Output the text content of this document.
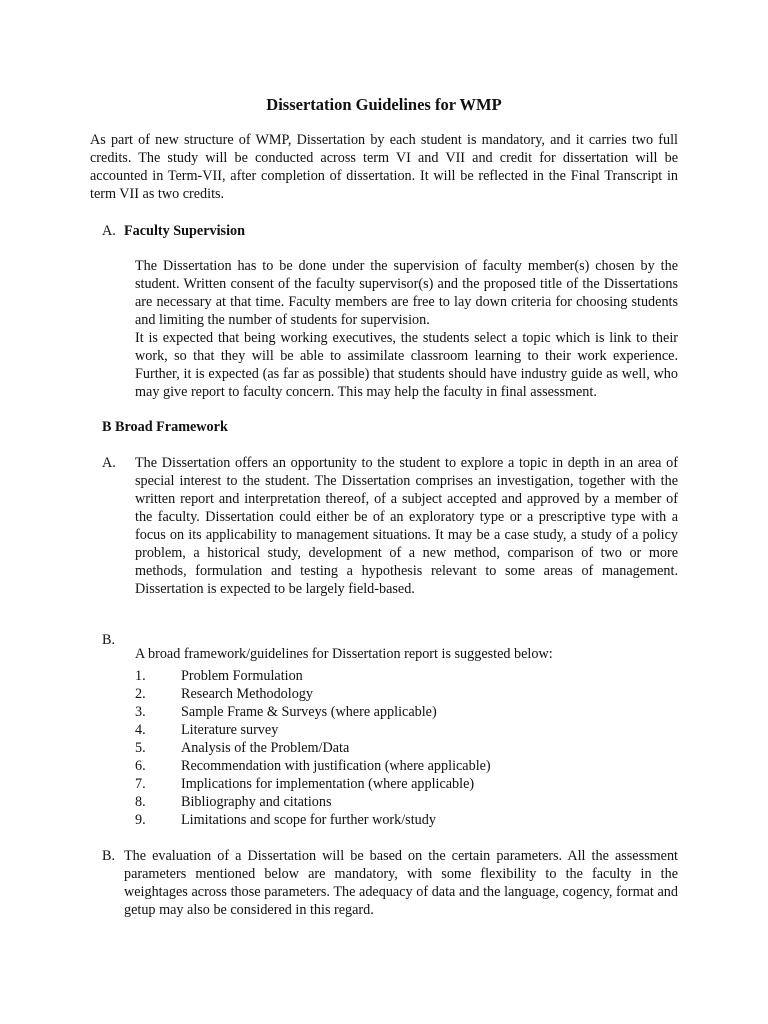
Dissertation Guidelines for WMP

As part of new structure of WMP, Dissertation by each student is mandatory, and it carries two full credits. The study will be conducted across term VI and VII and credit for dissertation will be accounted in Term-VII, after completion of dissertation. It will be reflected in the Final Transcript in term VII as two credits.

A. Faculty Supervision

The Dissertation has to be done under the supervision of faculty member(s) chosen by the student. Written consent of the faculty supervisor(s) and the proposed title of the Dissertations are necessary at that time. Faculty members are free to lay down criteria for choosing students and limiting the number of students for supervision.

It is expected that being working executives, the students select a topic which is link to their work, so that they will be able to assimilate classroom learning to their work experience. Further, it is expected (as far as possible) that students should have industry guide as well, who may give report to faculty concern. This may help the faculty in final assessment.

B Broad Framework
A. The Dissertation offers an opportunity to the student to explore a topic in depth in an area of special interest to the student. The Dissertation comprises an investigation, together with the written report and interpretation thereof, of a subject accepted and approved by a member of the faculty. Dissertation could either be of an exploratory type or a prescriptive type with a focus on its applicability to management situations. It may be a case study, a study of a policy problem, a historical study, development of a new method, comparison of two or more methods, formulation and testing a hypothesis relevant to some areas of management. Dissertation is expected to be largely field-based.

B.

A broad framework/guidelines for Dissertation report is suggested below:

1.	Problem Formulation
2.	Research Methodology
3.	Sample Frame & Surveys (where applicable)
4.	Literature survey
5.	Analysis of the Problem/Data
6.	Recommendation with justification (where applicable)
7.	Implications for implementation (where applicable)
8.	Bibliography and citations
9.	Limitations and scope for further work/study
B. The evaluation of a Dissertation will be based on the certain parameters. All the assessment parameters mentioned below are mandatory, with some flexibility to the faculty in the weightages across those parameters. The adequacy of data and the language, cogency, format and getup may also be considered in this regard.
